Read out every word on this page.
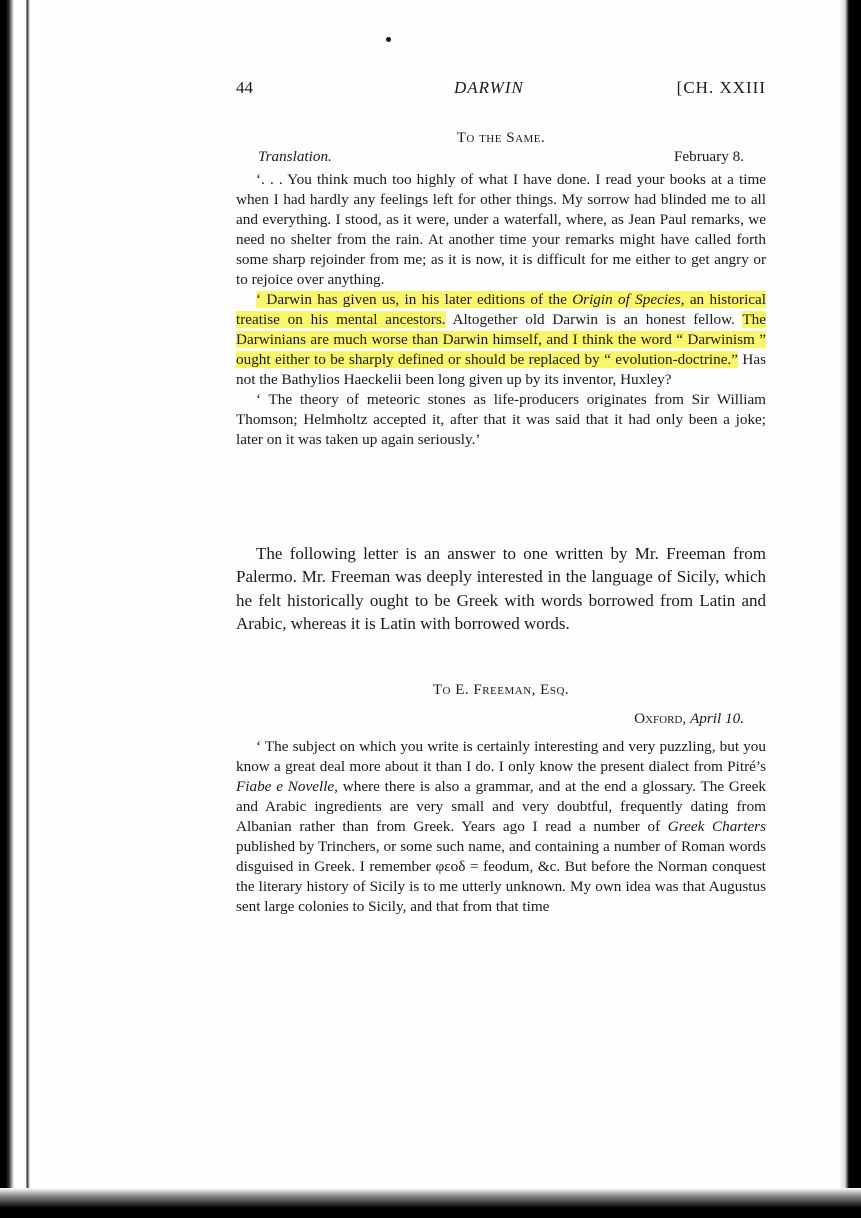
44	DARWIN	[CH. XXIII
To the Same.
Translation.	February 8.

‘. . . You think much too highly of what I have done. I read your books at a time when I had hardly any feelings left for other things. My sorrow had blinded me to all and everything. I stood, as it were, under a waterfall, where, as Jean Paul remarks, we need no shelter from the rain. At another time your remarks might have called forth some sharp rejoinder from me; as it is now, it is difficult for me either to get angry or to rejoice over anything.

‘ Darwin has given us, in his later editions of the Origin of Species, an historical treatise on his mental ancestors. Altogether old Darwin is an honest fellow. The Darwinians are much worse than Darwin himself, and I think the word “ Darwinism ” ought either to be sharply defined or should be replaced by “ evolution-doctrine.” Has not the Bathylios Haeckelii been long given up by its inventor, Huxley?

‘ The theory of meteoric stones as life-producers originates from Sir William Thomson; Helmholtz accepted it, after that it was said that it had only been a joke; later on it was taken up again seriously.’

The following letter is an answer to one written by Mr. Freeman from Palermo. Mr. Freeman was deeply interested in the language of Sicily, which he felt historically ought to be Greek with words borrowed from Latin and Arabic, whereas it is Latin with borrowed words.

To E. Freeman, Esq.
Oxford, April 10.

‘ The subject on which you write is certainly interesting and very puzzling, but you know a great deal more about it than I do. I only know the present dialect from Pitré’s Fiabe e Novelle, where there is also a grammar, and at the end a glossary. The Greek and Arabic ingredients are very small and very doubtful, frequently dating from Albanian rather than from Greek. Years ago I read a number of Greek Charters published by Trinchers, or some such name, and containing a number of Roman words disguised in Greek. I remember φεοδ = feodum, &c. But before the Norman conquest the literary history of Sicily is to me utterly unknown. My own idea was that Augustus sent large colonies to Sicily, and that from that time
